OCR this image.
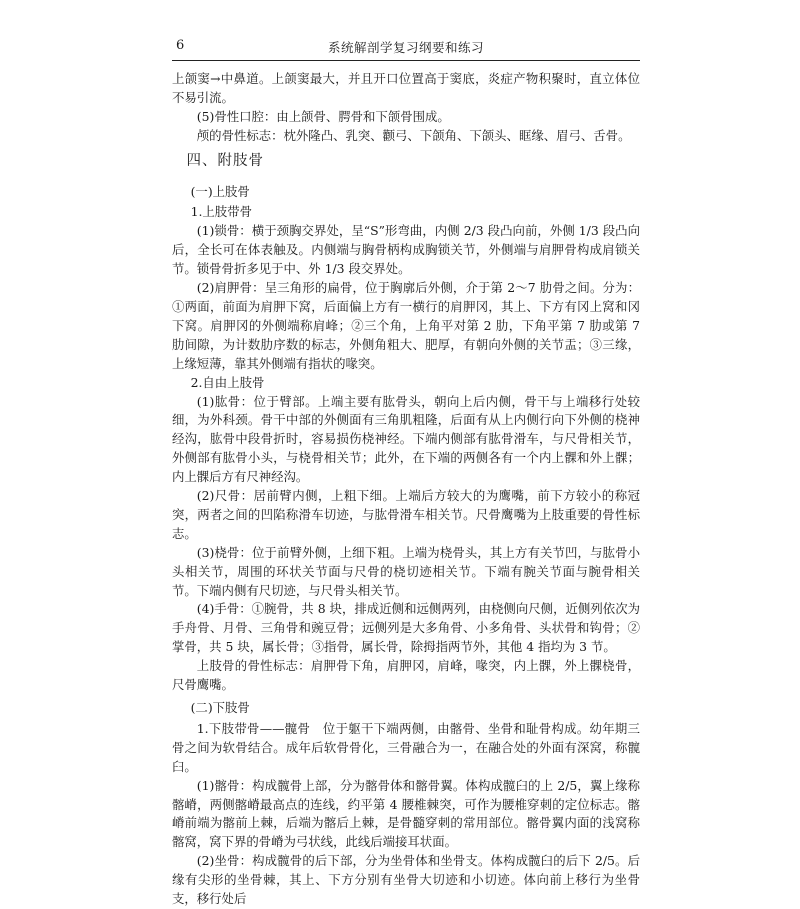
6	系统解剖学复习纲要和练习

上颌窦→中鼻道。上颌窦最大，并且开口位置高于窦底，炎症产物积聚时，直立体位不易引流。

(5)骨性口腔：由上颌骨、腭骨和下颌骨围成。

颅的骨性标志：枕外隆凸、乳突、颧弓、下颌角、下颌头、眶缘、眉弓、舌骨。

四、附肢骨

(一)上肢骨

1.上肢带骨

(1)锁骨：横于颈胸交界处，呈“S”形弯曲，内侧 2/3 段凸向前，外侧 1/3 段凸向后，全长可在体表触及。内侧端与胸骨柄构成胸锁关节，外侧端与肩胛骨构成肩锁关节。锁骨骨折多见于中、外 1/3 段交界处。

(2)肩胛骨：呈三角形的扁骨，位于胸廓后外侧，介于第 2～7 肋骨之间。分为：①两面，前面为肩胛下窝，后面偏上方有一横行的肩胛冈，其上、下方有冈上窝和冈下窝。肩胛冈的外侧端称肩峰；②三个角，上角平对第 2 肋，下角平第 7 肋或第 7 肋间隙，为计数肋序数的标志，外侧角粗大、肥厚，有朝向外侧的关节盂；③三缘，上缘短薄，靠其外侧端有指状的喙突。

2.自由上肢骨

(1)肱骨：位于臂部。上端主要有肱骨头，朝向上后内侧，骨干与上端移行处较细，为外科颈。骨干中部的外侧面有三角肌粗隆，后面有从上内侧行向下外侧的桡神经沟，肱骨中段骨折时，容易损伤桡神经。下端内侧部有肱骨滑车，与尺骨相关节，外侧部有肱骨小头，与桡骨相关节；此外，在下端的两侧各有一个内上髁和外上髁；内上髁后方有尺神经沟。

(2)尺骨：居前臂内侧，上粗下细。上端后方较大的为鹰嘴，前下方较小的称冠突，两者之间的凹陷称滑车切迹，与肱骨滑车相关节。尺骨鹰嘴为上肢重要的骨性标志。

(3)桡骨：位于前臂外侧，上细下粗。上端为桡骨头，其上方有关节凹，与肱骨小头相关节，周围的环状关节面与尺骨的桡切迹相关节。下端有腕关节面与腕骨相关节。下端内侧有尺切迹，与尺骨头相关节。

(4)手骨：①腕骨，共 8 块，排成近侧和远侧两列，由桡侧向尺侧，近侧列依次为手舟骨、月骨、三角骨和豌豆骨；远侧列是大多角骨、小多角骨、头状骨和钩骨；②掌骨，共 5 块，属长骨；③指骨，属长骨，除拇指两节外，其他 4 指均为 3 节。

上肢骨的骨性标志：肩胛骨下角，肩胛冈，肩峰，喙突，内上髁，外上髁桡骨，尺骨鹰嘴。

(二)下肢骨

1.下肢带骨——髋骨　位于躯干下端两侧，由髂骨、坐骨和耻骨构成。幼年期三骨之间为软骨结合。成年后软骨骨化，三骨融合为一，在融合处的外面有深窝，称髋臼。

(1)髂骨：构成髋骨上部，分为髂骨体和髂骨翼。体构成髋臼的上 2/5，翼上缘称髂嵴，两侧髂嵴最高点的连线，约平第 4 腰椎棘突，可作为腰椎穿刺的定位标志。髂嵴前端为髂前上棘，后端为髂后上棘，是骨髓穿刺的常用部位。髂骨翼内面的浅窝称髂窝，窝下界的骨嵴为弓状线，此线后端接耳状面。

(2)坐骨：构成髋骨的后下部，分为坐骨体和坐骨支。体构成髋臼的后下 2/5。后缘有尖形的坐骨棘，其上、下方分别有坐骨大切迹和小切迹。体向前上移行为坐骨支，移行处后
